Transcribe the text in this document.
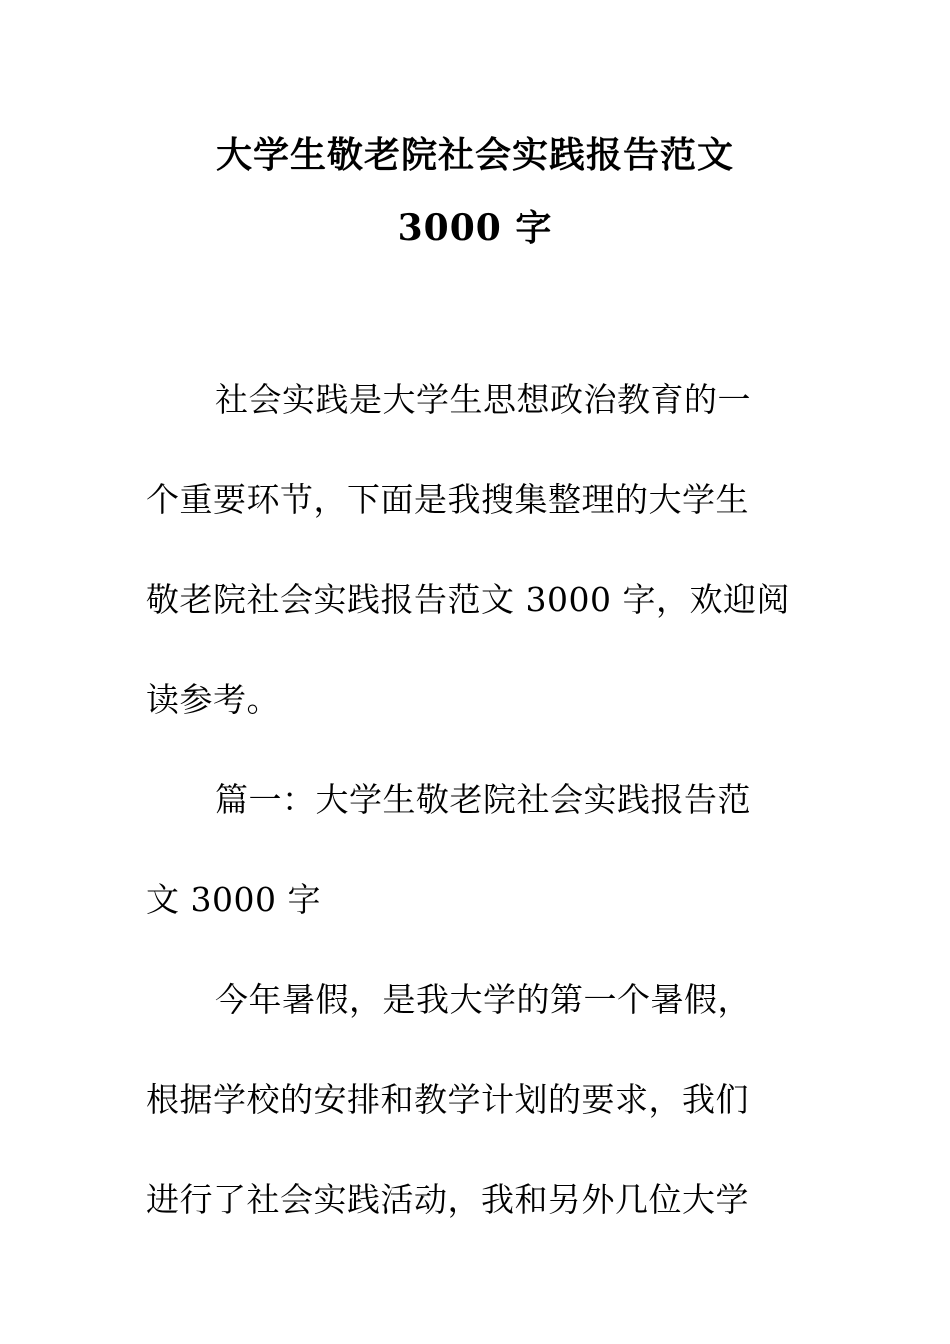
大学生敬老院社会实践报告范文
3000 字
社会实践是大学生思想政治教育的一
个重要环节，下面是我搜集整理的大学生
敬老院社会实践报告范文 3000 字，欢迎阅
读参考。
篇一：大学生敬老院社会实践报告范
文 3000 字
今年暑假，是我大学的第一个暑假，
根据学校的安排和教学计划的要求，我们
进行了社会实践活动，我和另外几位大学
